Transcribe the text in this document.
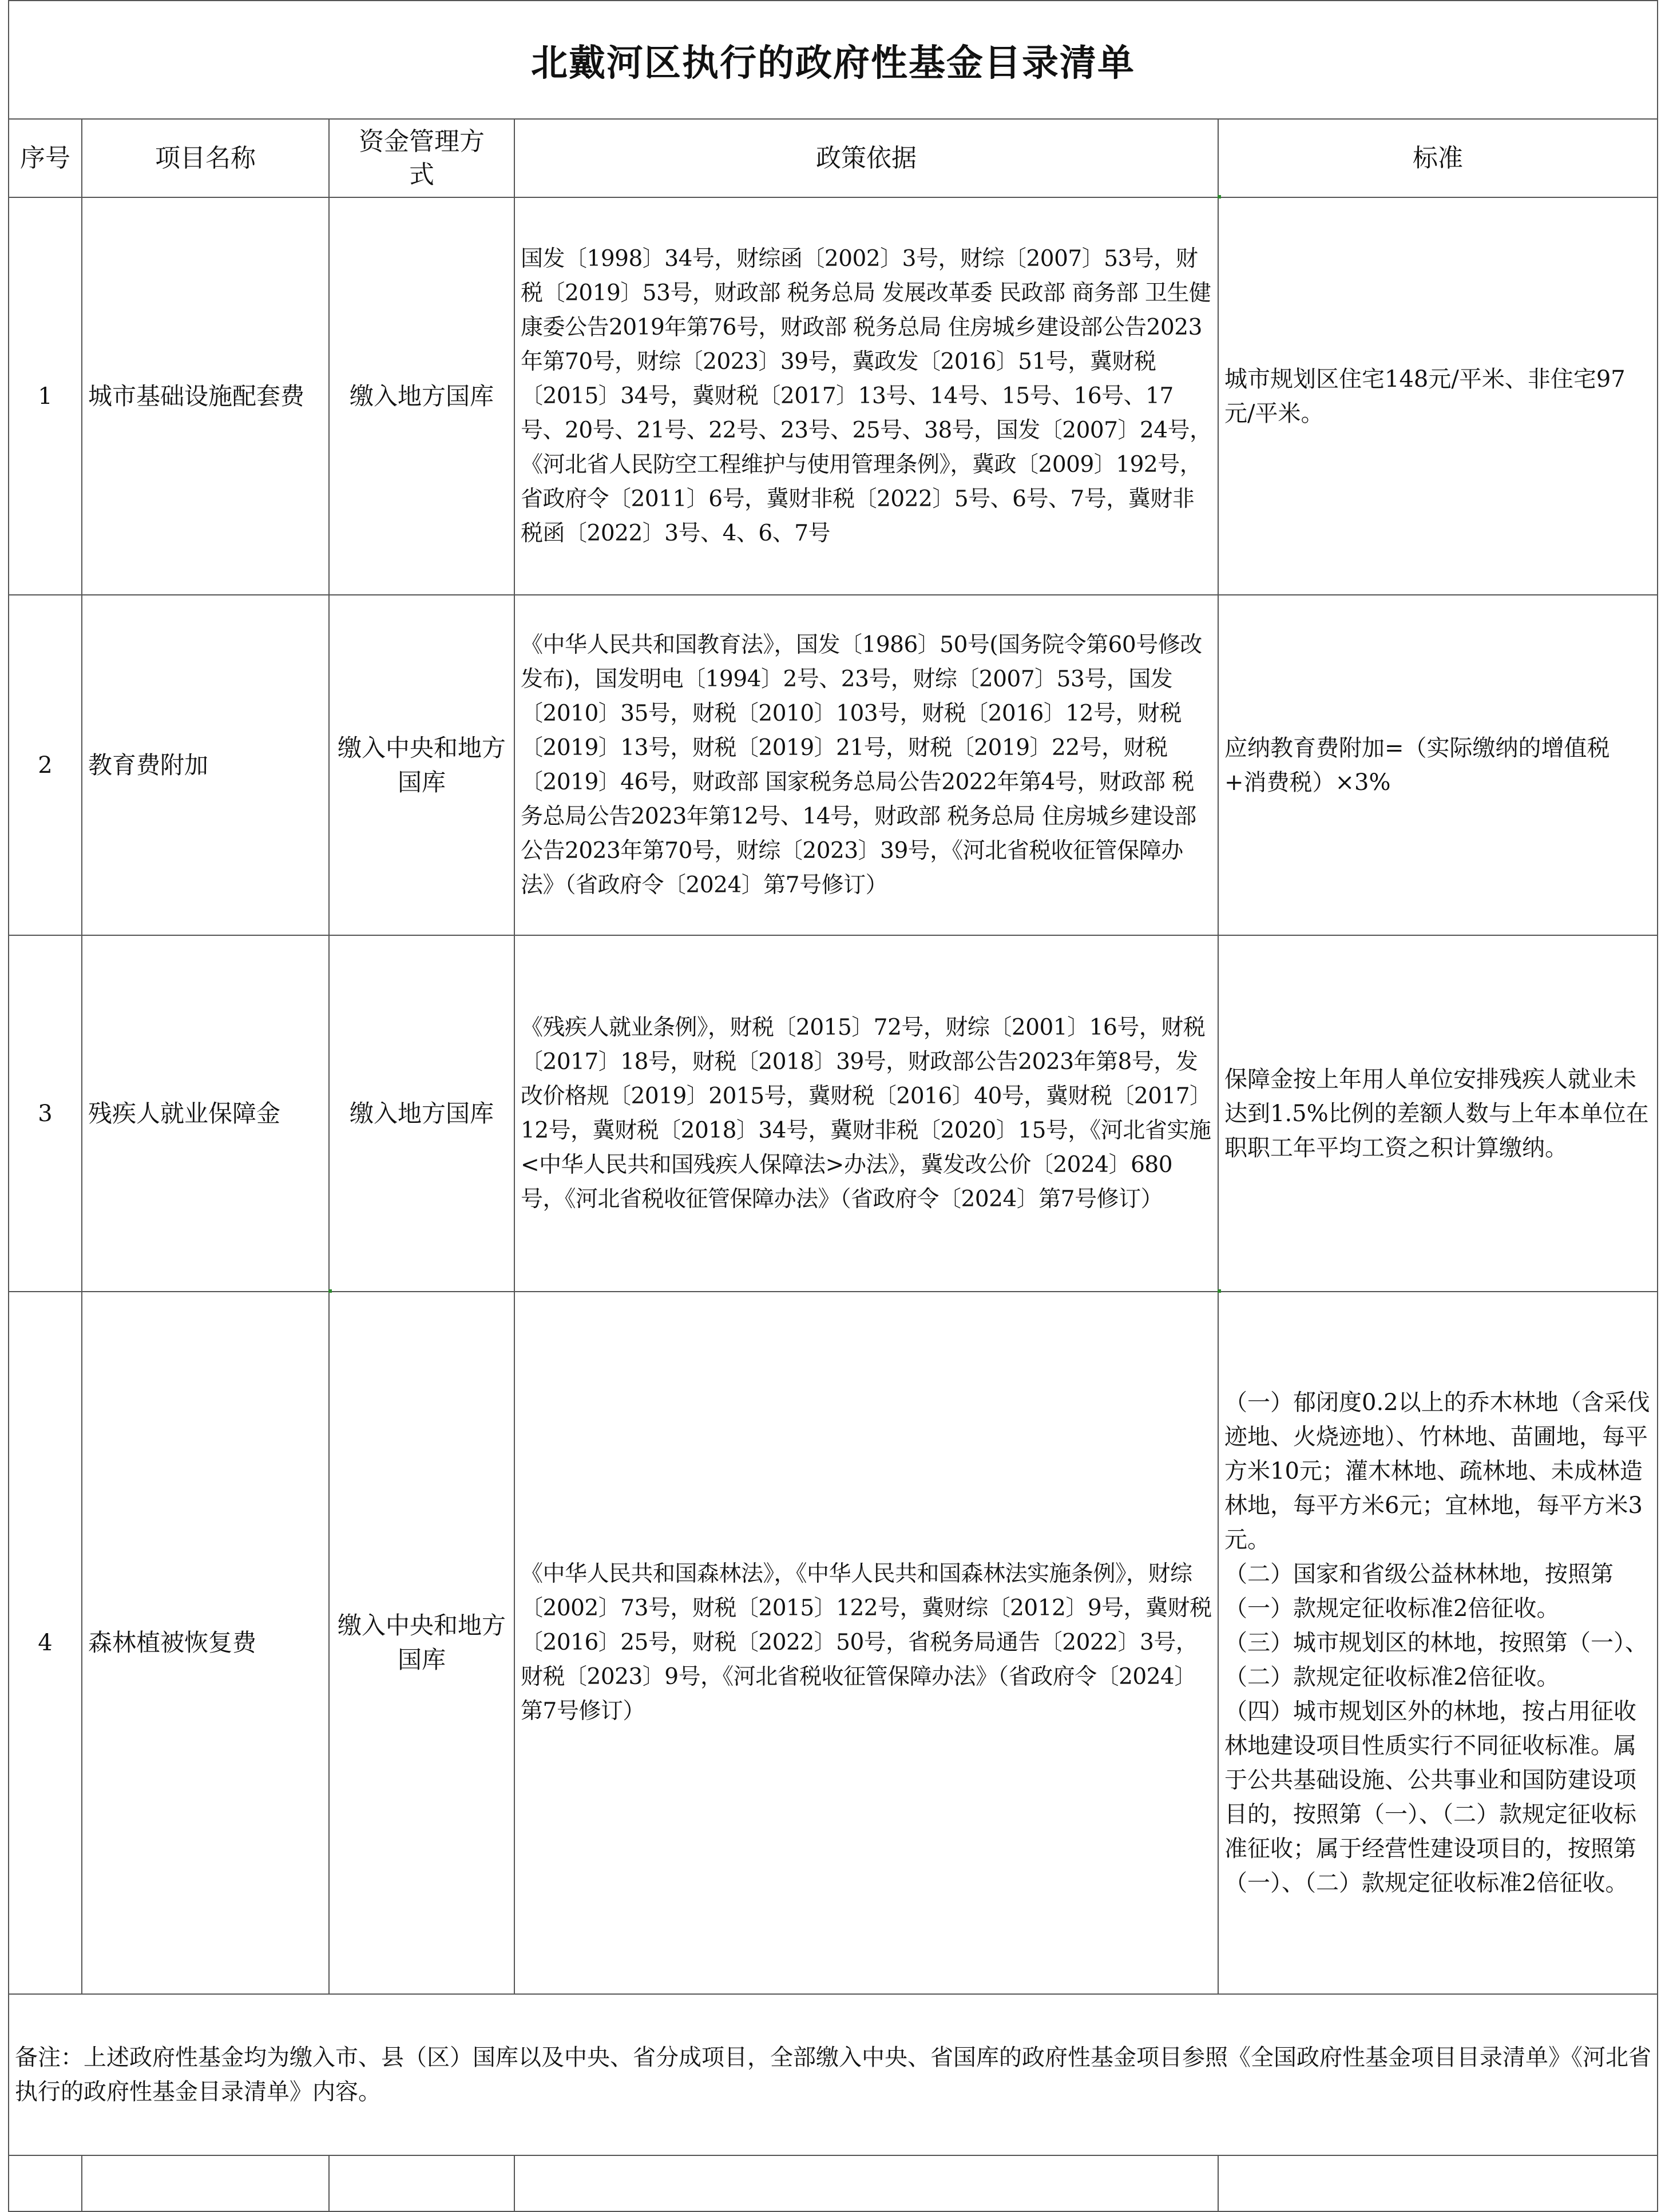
北戴河区执行的政府性基金目录清单				
序号	项目名称	资金管理方式	政策依据	标准
1	城市基础设施配套费	缴入地方国库	国发〔1998〕34号，财综函〔2002〕3号，财综〔2007〕53号，财税〔2019〕53号，财政部 税务总局 发展改革委 民政部 商务部 卫生健康委公告2019年第76号，财政部 税务总局 住房城乡建设部公告2023年第70号，财综〔2023〕39号，冀政发〔2016〕51号，冀财税〔2015〕34号，冀财税〔2017〕13号、14号、15号、16号、17号、20号、21号、22号、23号、25号、38号，国发〔2007〕24号，《河北省人民防空工程维护与使用管理条例》，冀政〔2009〕192号，省政府令〔2011〕6号，冀财非税〔2022〕5号、6号、7号，冀财非税函〔2022〕3号、4、6、7号	城市规划区住宅148元/平米、非住宅97元/平米。

2	教育费附加	缴入中央和地方国库	《中华人民共和国教育法》，国发〔1986〕50号(国务院令第60号修改发布)，国发明电〔1994〕2号、23号，财综〔2007〕53号，国发〔2010〕35号，财税〔2010〕103号，财税〔2016〕12号，财税〔2019〕13号，财税〔2019〕21号，财税〔2019〕22号，财税〔2019〕46号，财政部 国家税务总局公告2022年第4号，财政部 税务总局公告2023年第12号、14号，财政部 税务总局 住房城乡建设部公告2023年第70号，财综〔2023〕39号，《河北省税收征管保障办法》（省政府令〔2024〕第7号修订）	应纳教育费附加=（实际缴纳的增值税+消费税）×3%

3	残疾人就业保障金	缴入地方国库	《残疾人就业条例》，财税〔2015〕72号，财综〔2001〕16号，财税〔2017〕18号，财税〔2018〕39号，财政部公告2023年第8号，发改价格规〔2019〕2015号，冀财税〔2016〕40号，冀财税〔2017〕12号，冀财税〔2018〕34号，冀财非税〔2020〕15号，《河北省实施<中华人民共和国残疾人保障法>办法》，冀发改公价〔2024〕680号，《河北省税收征管保障办法》（省政府令〔2024〕第7号修订）	保障金按上年用人单位安排残疾人就业未达到1.5%比例的差额人数与上年本单位在职职工年平均工资之积计算缴纳。

4	森林植被恢复费	缴入中央和地方国库	《中华人民共和国森林法》，《中华人民共和国森林法实施条例》，财综〔2002〕73号，财税〔2015〕122号，冀财综〔2012〕9号，冀财税〔2016〕25号，财税〔2022〕50号，省税务局通告〔2022〕3号，财税〔2023〕9号，《河北省税收征管保障办法》（省政府令〔2024〕第7号修订）	（一）郁闭度0.2以上的乔木林地（含采伐迹地、火烧迹地）、竹林地、苗圃地，每平方米10元；灌木林地、疏林地、未成林造林地，每平方米6元；宜林地，每平方米3元。

（二）国家和省级公益林林地，按照第（一）款规定征收标准2倍征收。

（三）城市规划区的林地，按照第（一）、（二）款规定征收标准2倍征收。

（四）城市规划区外的林地，按占用征收林地建设项目性质实行不同征收标准。属于公共基础设施、公共事业和国防建设项目的，按照第（一）、（二）款规定征收标准征收；属于经营性建设项目的，按照第（一）、（二）款规定征收标准2倍征收。

备注：上述政府性基金均为缴入市、县（区）国库以及中央、省分成项目，全部缴入中央、省国库的政府性基金项目参照《全国政府性基金项目目录清单》《河北省执行的政府性基金目录清单》内容。				
